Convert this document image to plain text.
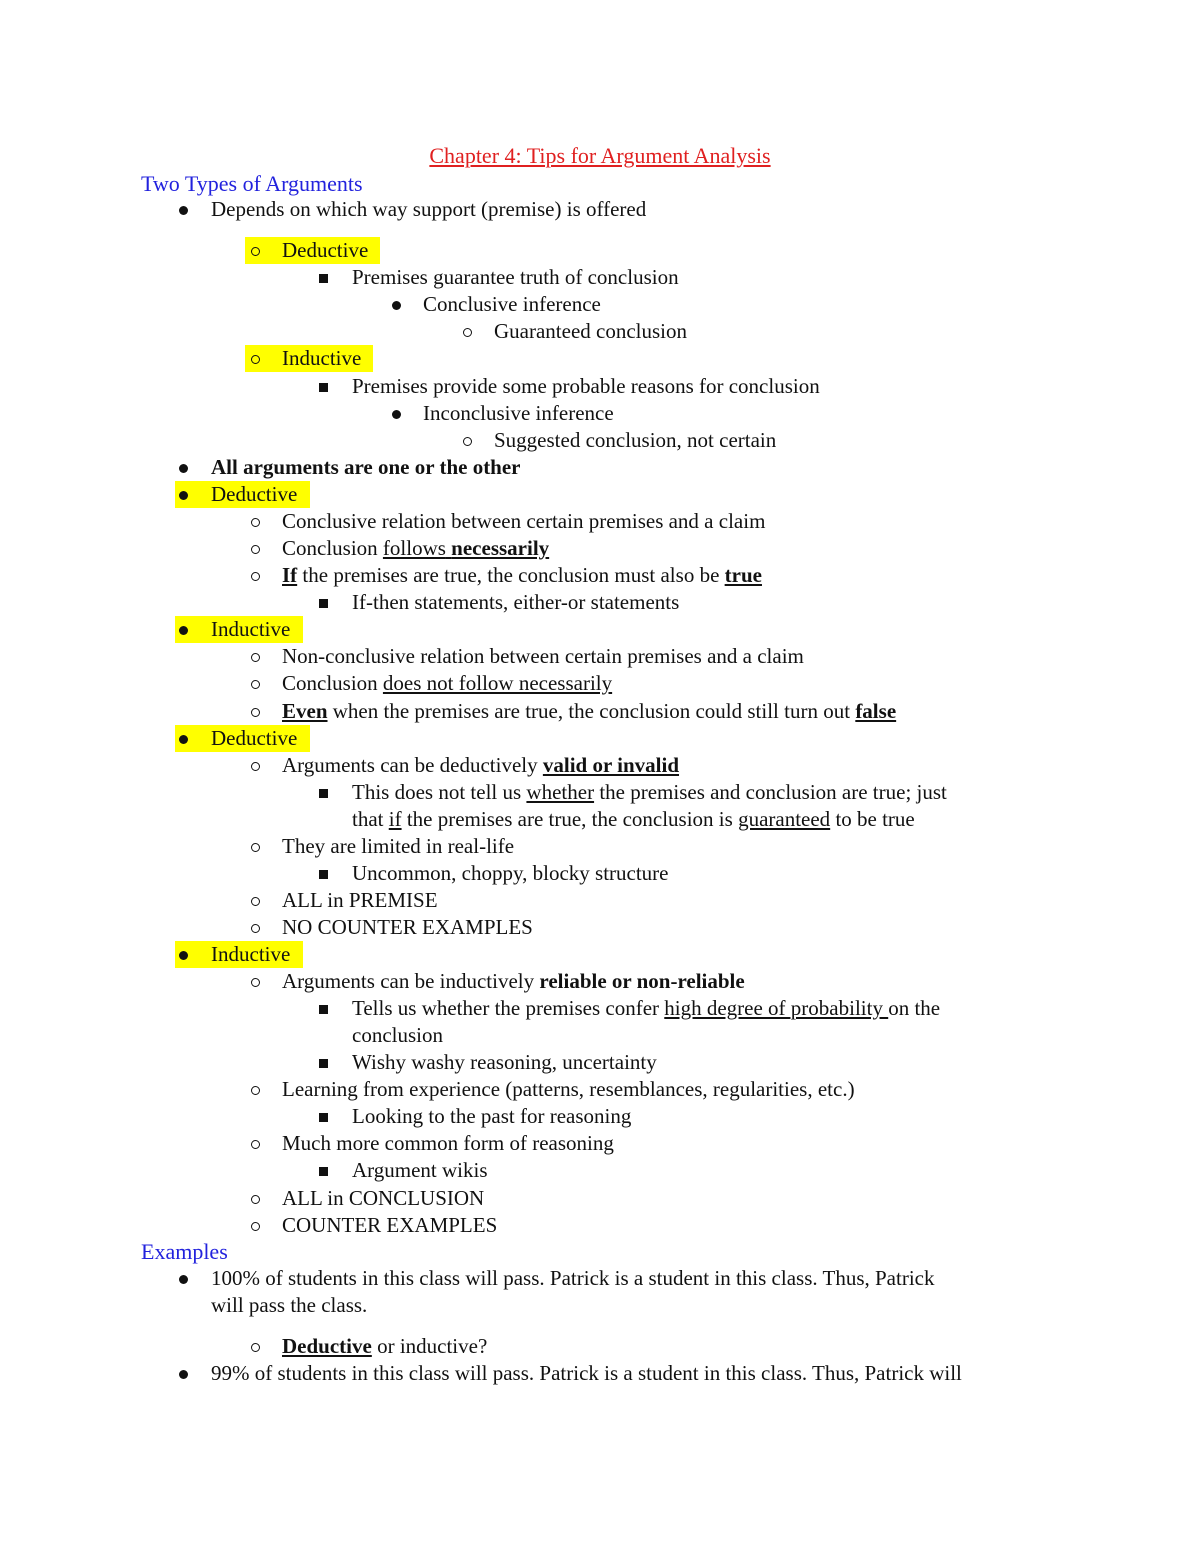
Chapter 4: Tips for Argument Analysis
Two Types of Arguments
Depends on which way support (premise) is offered
Deductive
Premises guarantee truth of conclusion
Conclusive inference
Guaranteed conclusion
Inductive
Premises provide some probable reasons for conclusion
Inconclusive inference
Suggested conclusion, not certain
All arguments are one or the other
Deductive
Conclusive relation between certain premises and a claim
Conclusion follows necessarily
If the premises are true, the conclusion must also be true
If-then statements, either-or statements
Inductive
Non-conclusive relation between certain premises and a claim
Conclusion does not follow necessarily
Even when the premises are true, the conclusion could still turn out false
Deductive
Arguments can be deductively valid or invalid
This does not tell us whether the premises and conclusion are true; just
that if the premises are true, the conclusion is guaranteed to be true
They are limited in real-life
Uncommon, choppy, blocky structure
ALL in PREMISE
NO COUNTER EXAMPLES
Inductive
Arguments can be inductively reliable or non-reliable
Tells us whether the premises confer high degree of probability on the
conclusion
Wishy washy reasoning, uncertainty
Learning from experience (patterns, resemblances, regularities, etc.)
Looking to the past for reasoning
Much more common form of reasoning
Argument wikis
ALL in CONCLUSION
COUNTER EXAMPLES
Examples
100% of students in this class will pass. Patrick is a student in this class. Thus, Patrick
will pass the class.
Deductive or inductive?
99% of students in this class will pass. Patrick is a student in this class. Thus, Patrick will
